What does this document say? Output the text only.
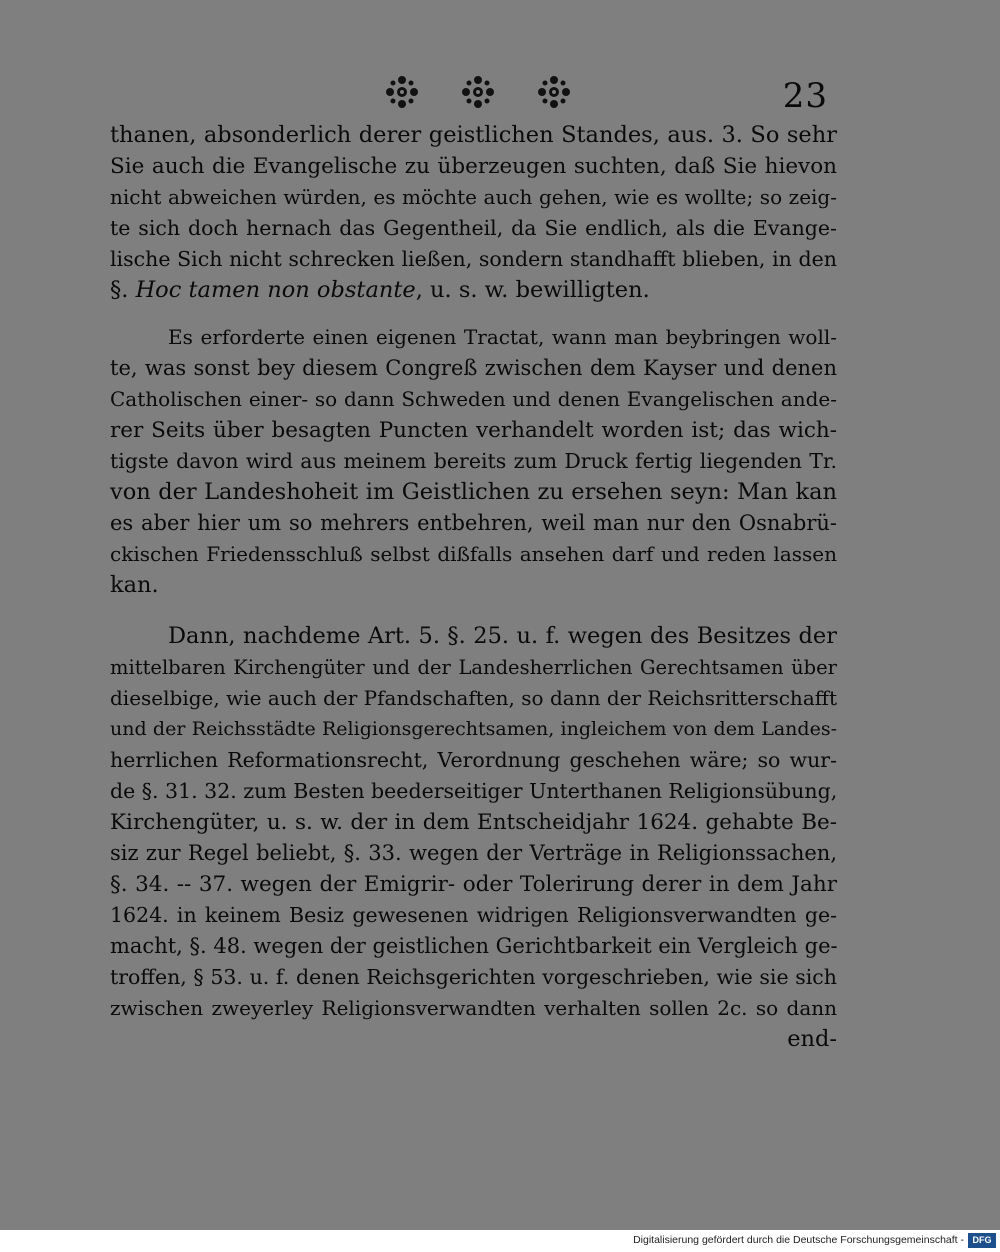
23
thanen, absonderlich derer geistlichen Standes, aus. 3. So sehr
Sie auch die Evangelische zu überzeugen suchten, daß Sie hievon
nicht abweichen würden, es möchte auch gehen, wie es wollte; so zeig-
te sich doch hernach das Gegentheil, da Sie endlich, als die Evange-
lische Sich nicht schrecken ließen, sondern standhafft blieben, in den
§. Hoc tamen non obstante, u. s. w. bewilligten.
Es erforderte einen eigenen Tractat, wann man beybringen woll-
te, was sonst bey diesem Congreß zwischen dem Kayser und denen
Catholischen einer- so dann Schweden und denen Evangelischen ande-
rer Seits über besagten Puncten verhandelt worden ist; das wich-
tigste davon wird aus meinem bereits zum Druck fertig liegenden Tr.
von der Landeshoheit im Geistlichen zu ersehen seyn: Man kan
es aber hier um so mehrers entbehren, weil man nur den Osnabrü-
ckischen Friedensschluß selbst dißfalls ansehen darf und reden lassen
kan.
Dann, nachdeme Art. 5. §. 25. u. f. wegen des Besitzes der
mittelbaren Kirchengüter und der Landesherrlichen Gerechtsamen über
dieselbige, wie auch der Pfandschaften, so dann der Reichsritterschafft
und der Reichsstädte Religionsgerechtsamen, ingleichem von dem Landes-
herrlichen Reformationsrecht, Verordnung geschehen wäre; so wur-
de §. 31. 32. zum Besten beederseitiger Unterthanen Religionsübung,
Kirchengüter, u. s. w. der in dem Entscheidjahr 1624. gehabte Be-
siz zur Regel beliebt, §. 33. wegen der Verträge in Religionssachen,
§. 34. -- 37. wegen der Emigrir- oder Tolerirung derer in dem Jahr
1624. in keinem Besiz gewesenen widrigen Religionsverwandten ge-
macht, §. 48. wegen der geistlichen Gerichtbarkeit ein Vergleich ge-
troffen, § 53. u. f. denen Reichsgerichten vorgeschrieben, wie sie sich
zwischen zweyerley Religionsverwandten verhalten sollen 2c. so dann
end-
Digitalisierung gefördert durch die Deutsche Forschungsgemeinschaft - DFG
